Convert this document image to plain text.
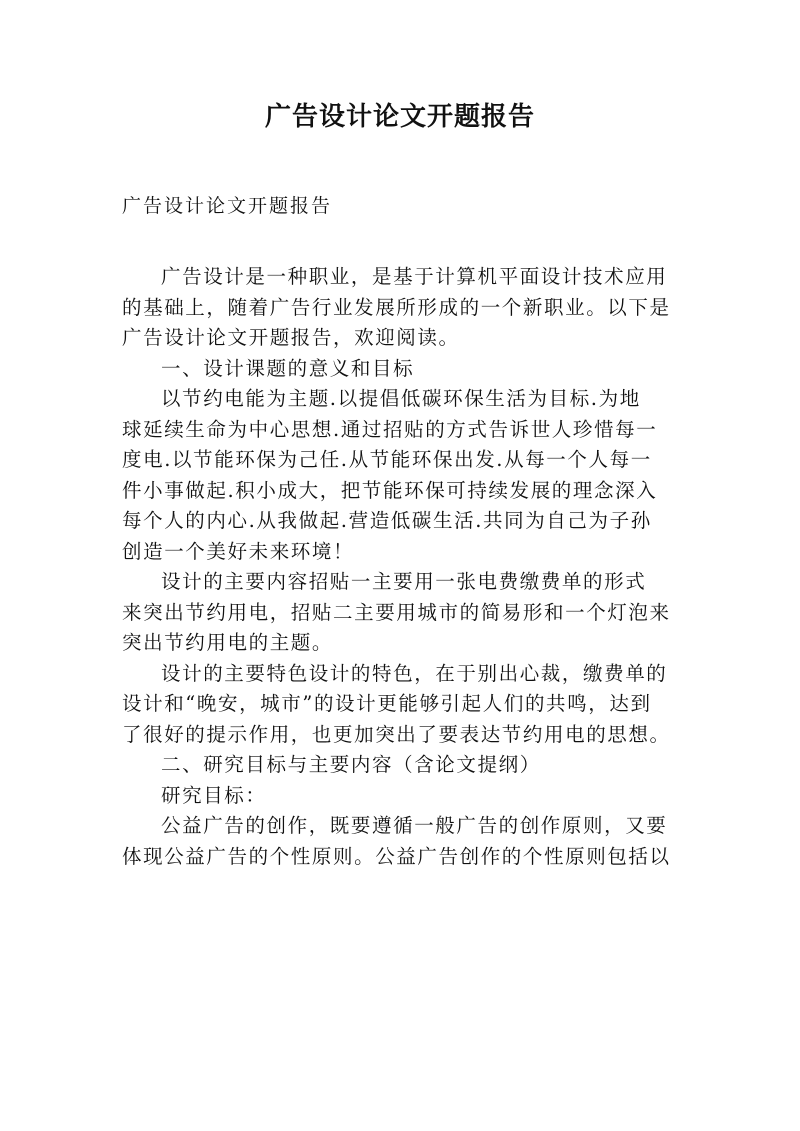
广告设计论文开题报告
广告设计论文开题报告

广告设计是一种职业，是基于计算机平面设计技术应用
的基础上，随着广告行业发展所形成的一个新职业。以下是
广告设计论文开题报告，欢迎阅读。

一、设计课题的意义和目标

以节约电能为主题.以提倡低碳环保生活为目标.为地
球延续生命为中心思想.通过招贴的方式告诉世人珍惜每一
度电.以节能环保为己任.从节能环保出发.从每一个人每一
件小事做起.积小成大，把节能环保可持续发展的理念深入
每个人的内心.从我做起.营造低碳生活.共同为自己为子孙
创造一个美好未来环境！

设计的主要内容招贴一主要用一张电费缴费单的形式
来突出节约用电，招贴二主要用城市的简易形和一个灯泡来
突出节约用电的主题。

设计的主要特色设计的特色，在于别出心裁，缴费单的
设计和“晚安，城市”的设计更能够引起人们的共鸣，达到
了很好的提示作用，也更加突出了要表达节约用电的思想。

二、研究目标与主要内容（含论文提纲）

研究目标：

公益广告的创作，既要遵循一般广告的创作原则，又要
体现公益广告的个性原则。公益广告创作的个性原则包括以
